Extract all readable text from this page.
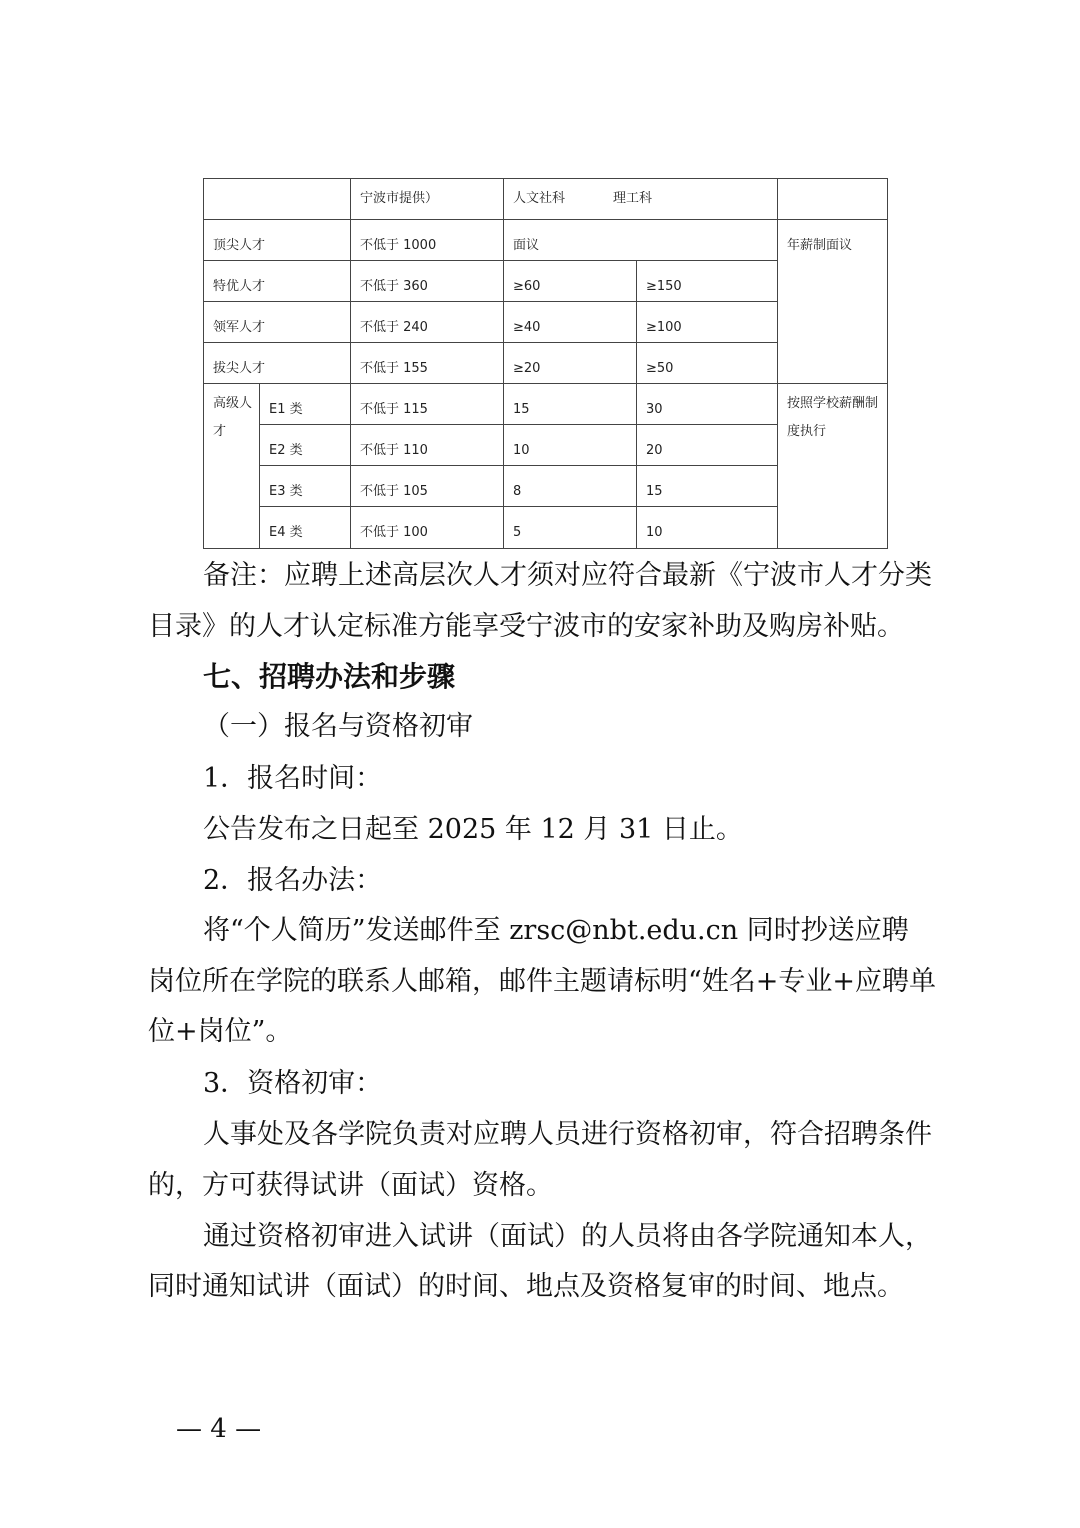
		宁波市提供）	人文社科 理工科		
顶尖人才		不低于 1000	面议		年薪制面议
特优人才		不低于 360	≥60	≥150	
领军人才		不低于 240	≥40	≥100	
拔尖人才		不低于 155	≥20	≥50	
高级人才	E1 类	不低于 115	15	30	按照学校薪酬制度执行
	E2 类	不低于 110	10	20	
	E3 类	不低于 105	8	15	
	E4 类	不低于 100	5	10	

备注：应聘上述高层次人才须对应符合最新《宁波市人才分类

目录》的人才认定标准方能享受宁波市的安家补助及购房补贴。

七、招聘办法和步骤

（一）报名与资格初审

1．报名时间：

公告发布之日起至 2025 年 12 月 31 日止。

2．报名办法：

将“个人简历”发送邮件至 zrsc@nbt.edu.cn 同时抄送应聘

岗位所在学院的联系人邮箱，邮件主题请标明“姓名+专业+应聘单

位+岗位”。

3．资格初审：

人事处及各学院负责对应聘人员进行资格初审，符合招聘条件

的，方可获得试讲（面试）资格。

通过资格初审进入试讲（面试）的人员将由各学院通知本人，

同时通知试讲（面试）的时间、地点及资格复审的时间、地点。

— 4 —
